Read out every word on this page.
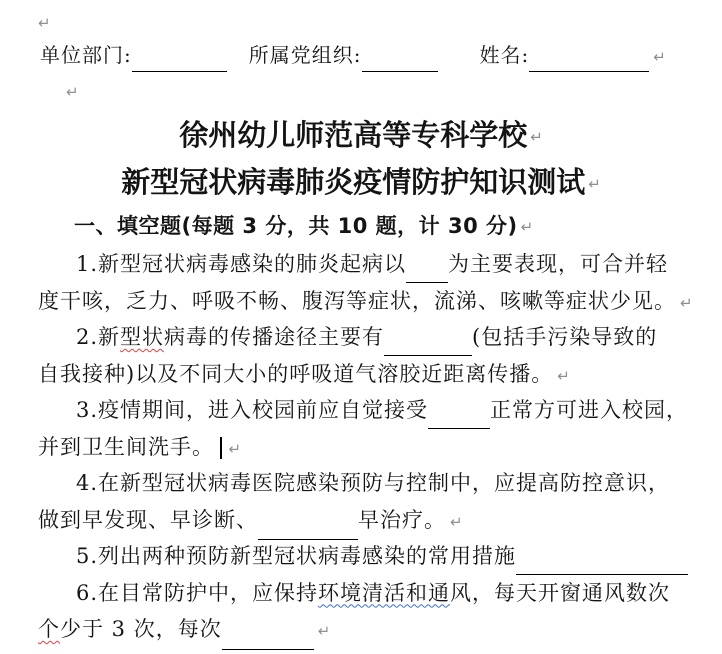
↵
单位部门:	所属党组织:	姓名:	↵
↵
徐州幼儿师范高等专科学校 ↵
新型冠状病毒肺炎疫情防护知识测试 ↵
一、填空题(每题 3 分，共 10 题，计 30 分) ↵
1.新型冠状病毒感染的肺炎起病以 为主要表现，可合并轻
度干咳，乏力、呼吸不畅、腹泻等症状，流涕、咳嗽等症状少见。 ↵
2.新型状病毒的传播途径主要有	(包括手污染导致的
自我接种)以及不同大小的呼吸道气溶胶近距离传播。 ↵
3.疫情期间，进入校园前应自觉接受	正常方可进入校园，
并到卫生间洗手。 ↵
4.在新型冠状病毒医院感染预防与控制中，应提高防控意识，
做到早发现、早诊断、	早治疗。 ↵
5.列出两种预防新型冠状病毒感染的常用措施
6.在目常防护中，应保持环境清活和通风，每天开窗通风数次
个少于 3 次，每次	↵
